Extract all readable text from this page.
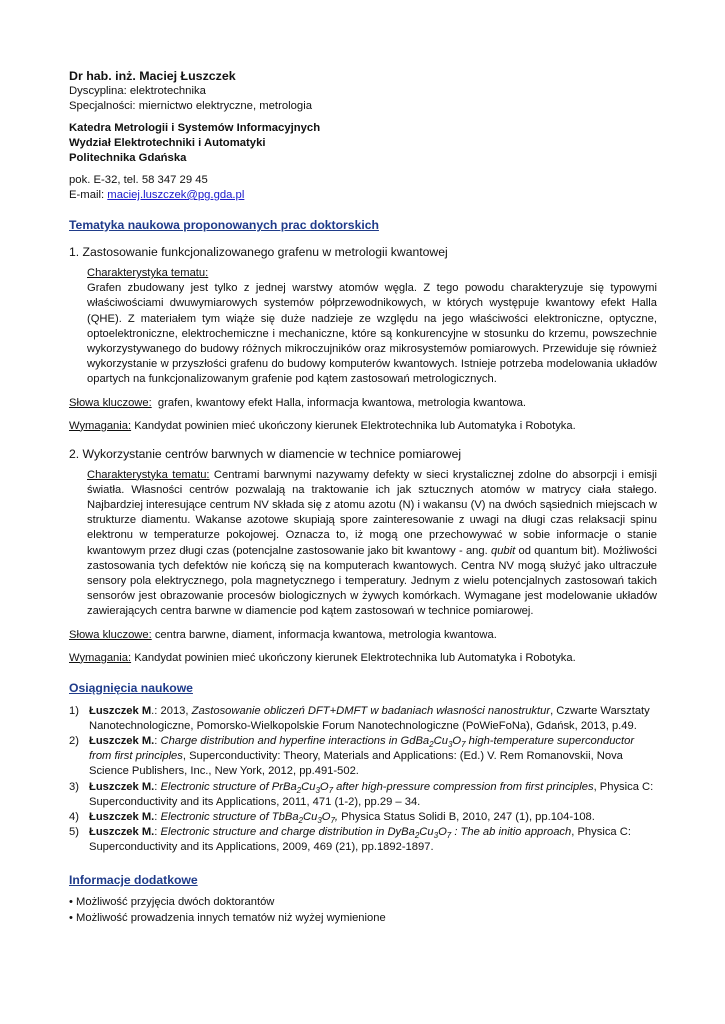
Dr hab. inż. Maciej Łuszczek

Dyscyplina: elektrotechnika

Specjalności: miernictwo elektryczne, metrologia

Katedra Metrologii i Systemów Informacyjnych

Wydział Elektrotechniki i Automatyki

Politechnika Gdańska

pok. E-32, tel. 58 347 29 45

E-mail: maciej.luszczek@pg.gda.pl

Tematyka naukowa proponowanych prac doktorskich

1. Zastosowanie funkcjonalizowanego grafenu w metrologii kwantowej

Charakterystyka tematu:

Grafen zbudowany jest tylko z jednej warstwy atomów węgla. Z tego powodu charakteryzuje się typowymi właściwościami dwuwymiarowych systemów półprzewodnikowych, w których występuje kwantowy efekt Halla (QHE). Z materiałem tym wiąże się duże nadzieje ze względu na jego właściwości elektroniczne, optyczne, optoelektroniczne, elektrochemiczne i mechaniczne, które są konkurencyjne w stosunku do krzemu, powszechnie wykorzystywanego do budowy różnych mikroczujników oraz mikrosystemów pomiarowych. Przewiduje się również wykorzystanie w przyszłości grafenu do budowy komputerów kwantowych. Istnieje potrzeba modelowania układów opartych na funkcjonalizowanym grafenie pod kątem zastosowań metrologicznych.

Słowa kluczowe: grafen, kwantowy efekt Halla, informacja kwantowa, metrologia kwantowa.

Wymagania: Kandydat powinien mieć ukończony kierunek Elektrotechnika lub Automatyka i Robotyka.

2. Wykorzystanie centrów barwnych w diamencie w technice pomiarowej

Charakterystyka tematu: Centrami barwnymi nazywamy defekty w sieci krystalicznej zdolne do absorpcji i emisji światła. Własności centrów pozwalają na traktowanie ich jak sztucznych atomów w matrycy ciała stałego. Najbardziej interesujące centrum NV składa się z atomu azotu (N) i wakansu (V) na dwóch sąsiednich miejscach w strukturze diamentu. Wakanse azotowe skupiają spore zainteresowanie z uwagi na długi czas relaksacji spinu elektronu w temperaturze pokojowej. Oznacza to, iż mogą one przechowywać w sobie informacje o stanie kwantowym przez długi czas (potencjalne zastosowanie jako bit kwantowy - ang. qubit od quantum bit). Możliwości zastosowania tych defektów nie kończą się na komputerach kwantowych. Centra NV mogą służyć jako ultraczułe sensory pola elektrycznego, pola magnetycznego i temperatury. Jednym z wielu potencjalnych zastosowań takich sensorów jest obrazowanie procesów biologicznych w żywych komórkach. Wymagane jest modelowanie układów zawierających centra barwne w diamencie pod kątem zastosowań w technice pomiarowej.

Słowa kluczowe: centra barwne, diament, informacja kwantowa, metrologia kwantowa.

Wymagania: Kandydat powinien mieć ukończony kierunek Elektrotechnika lub Automatyka i Robotyka.

Osiągnięcia naukowe

1) Łuszczek M.: 2013, Zastosowanie obliczeń DFT+DMFT w badaniach własności nanostruktur, Czwarte Warsztaty Nanotechnologiczne, Pomorsko-Wielkopolskie Forum Nanotechnologiczne (PoWieFoNa), Gdańsk, 2013, p.49.
2) Łuszczek M.: Charge distribution and hyperfine interactions in $GdBa_2Cu_3O_7$ high-temperature superconductor from first principles, Superconductivity: Theory, Materials and Applications: (Ed.) V. Rem Romanovskii, Nova Science Publishers, Inc., New York, 2012, pp.491-502.
3) Łuszczek M.: Electronic structure of $PrBa_2Cu_3O_7$ after high-pressure compression from first principles, Physica C: Superconductivity and its Applications, 2011, 471 (1-2), pp.29 – 34.
4) Łuszczek M.: Electronic structure of $TbBa_2Cu_3O_7$, Physica Status Solidi B, 2010, 247 (1), pp.104-108.
5) Łuszczek M.: Electronic structure and charge distribution in $DyBa_2Cu_3O_7$ : The ab initio approach, Physica C: Superconductivity and its Applications, 2009, 469 (21), pp.1892-1897.

Informacje dodatkowe

• Możliwość przyjęcia dwóch doktorantów
• Możliwość prowadzenia innych tematów niż wyżej wymienione
